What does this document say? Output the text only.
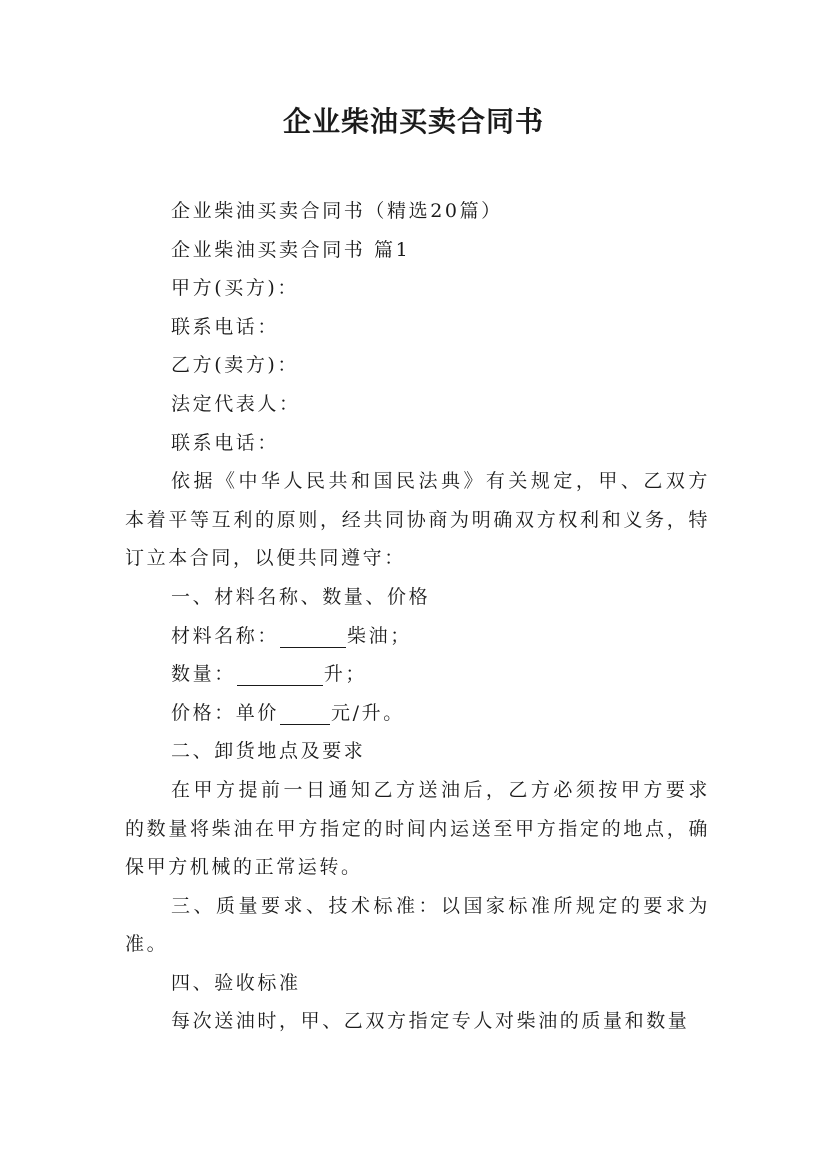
企业柴油买卖合同书

企业柴油买卖合同书（精选20篇）

企业柴油买卖合同书 篇1

甲方(买方)：

联系电话：

乙方(卖方)：

法定代表人：

联系电话：

依据《中华人民共和国民法典》有关规定，甲、乙双方本着平等互利的原则，经共同协商为明确双方权利和义务，特订立本合同，以便共同遵守：

一、材料名称、数量、价格

材料名称：	柴油；

数量：	升；

价格：单价	元/升。

二、卸货地点及要求

在甲方提前一日通知乙方送油后，乙方必须按甲方要求的数量将柴油在甲方指定的时间内运送至甲方指定的地点，确保甲方机械的正常运转。

三、质量要求、技术标准：以国家标准所规定的要求为准。

四、验收标准

每次送油时，甲、乙双方指定专人对柴油的质量和数量
